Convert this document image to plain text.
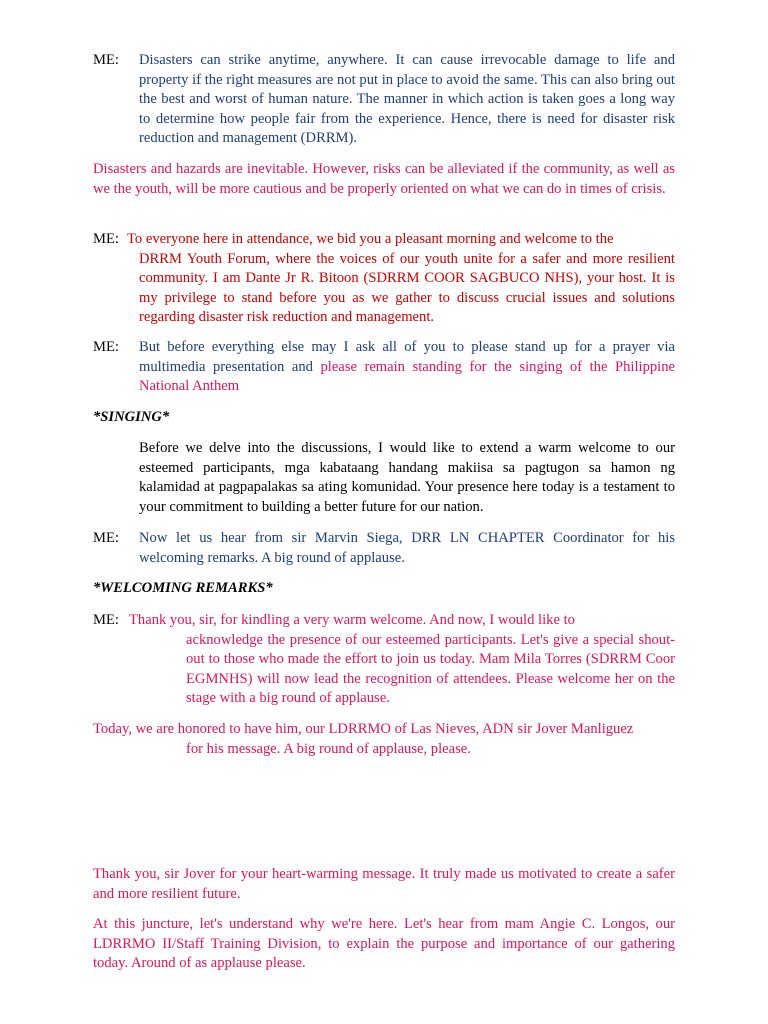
ME: Disasters can strike anytime, anywhere. It can cause irrevocable damage to life and property if the right measures are not put in place to avoid the same. This can also bring out the best and worst of human nature. The manner in which action is taken goes a long way to determine how people fair from the experience. Hence, there is need for disaster risk reduction and management (DRRM).

Disasters and hazards are inevitable. However, risks can be alleviated if the community, as well as we the youth, will be more cautious and be properly oriented on what we can do in times of crisis.

ME: To everyone here in attendance, we bid you a pleasant morning and welcome to the

DRRM Youth Forum, where the voices of our youth unite for a safer and more resilient community. I am Dante Jr R. Bitoon (SDRRM COOR SAGBUCO NHS), your host. It is my privilege to stand before you as we gather to discuss crucial issues and solutions regarding disaster risk reduction and management.

ME: But before everything else may I ask all of you to please stand up for a prayer via multimedia presentation and please remain standing for the singing of the Philippine National Anthem

*SINGING*

Before we delve into the discussions, I would like to extend a warm welcome to our esteemed participants, mga kabataang handang makiisa sa pagtugon sa hamon ng kalamidad at pagpapalakas sa ating komunidad. Your presence here today is a testament to your commitment to building a better future for our nation.

ME: Now let us hear from sir Marvin Siega, DRR LN CHAPTER Coordinator for his welcoming remarks. A big round of applause.

*WELCOMING REMARKS*
ME: Thank you, sir, for kindling a very warm welcome. And now, I would like to

acknowledge the presence of our esteemed participants. Let's give a special shout-out to those who made the effort to join us today. Mam Mila Torres (SDRRM Coor EGMNHS) will now lead the recognition of attendees. Please welcome her on the stage with a big round of applause.

Today, we are honored to have him, our LDRRMO of Las Nieves, ADN sir Jover Manliguez

for his message. A big round of applause, please.

Thank you, sir Jover for your heart-warming message. It truly made us motivated to create a safer and more resilient future.

At this juncture, let's understand why we're here. Let's hear from mam Angie C. Longos, our LDRRMO II/Staff Training Division, to explain the purpose and importance of our gathering today. Around of as applause please.
